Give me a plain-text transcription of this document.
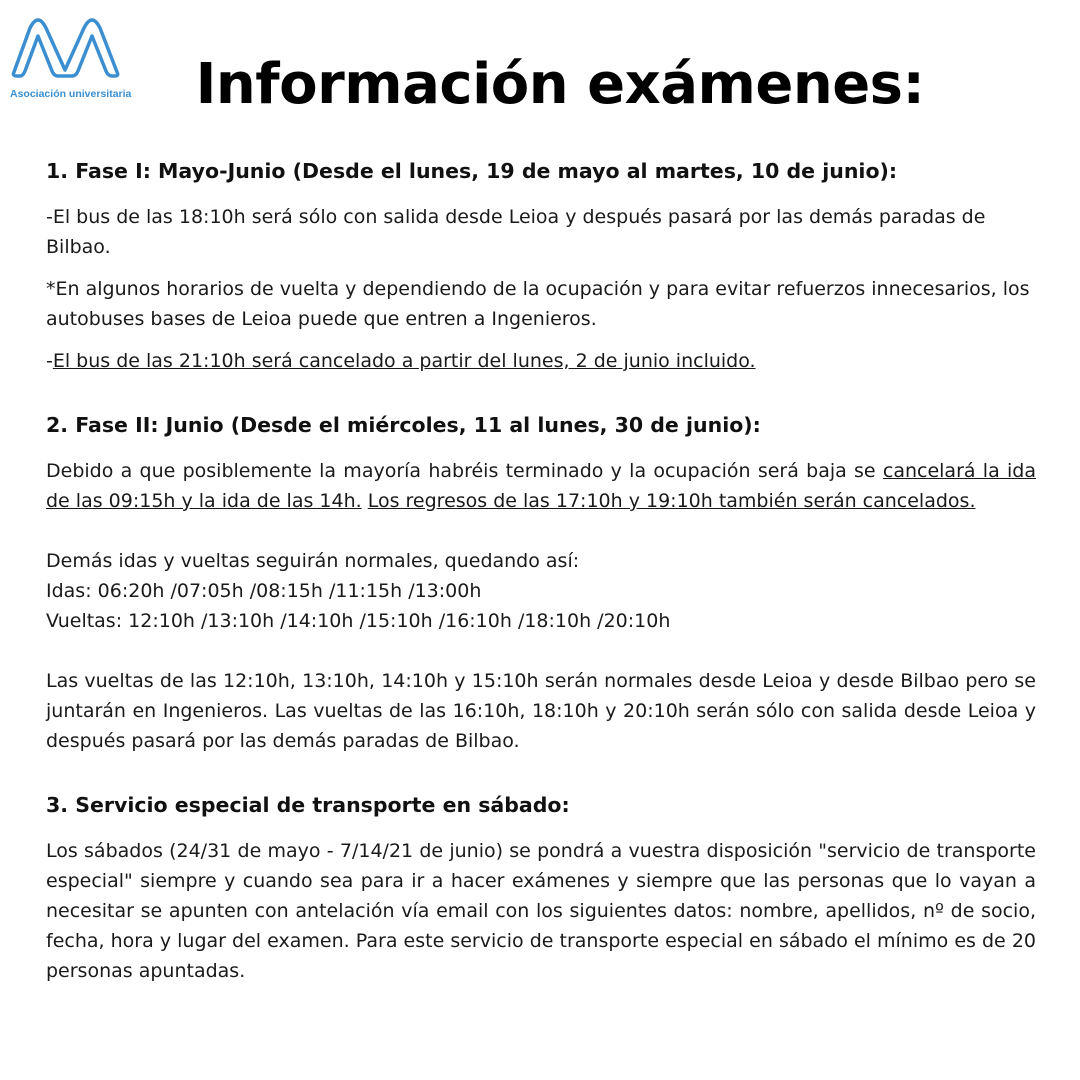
Asociación universitaria	Información exámenes:
1. Fase I: Mayo-Junio (Desde el lunes, 19 de mayo al martes, 10 de junio):

-El bus de las 18:10h será sólo con salida desde Leioa y después pasará por las demás paradas de Bilbao.

*En algunos horarios de vuelta y dependiendo de la ocupación y para evitar refuerzos innecesarios, los autobuses bases de Leioa puede que entren a Ingenieros.

-El bus de las 21:10h será cancelado a partir del lunes, 2 de junio incluido.

2. Fase II: Junio (Desde el miércoles, 11 al lunes, 30 de junio):

Debido a que posiblemente la mayoría habréis terminado y la ocupación será baja se cancelará la ida de las 09:15h y la ida de las 14h. Los regresos de las 17:10h y 19:10h también serán cancelados.

Demás idas y vueltas seguirán normales, quedando así:

Idas: 06:20h /07:05h /08:15h /11:15h /13:00h

Vueltas: 12:10h /13:10h /14:10h /15:10h /16:10h /18:10h /20:10h

Las vueltas de las 12:10h, 13:10h, 14:10h y 15:10h serán normales desde Leioa y desde Bilbao pero se juntarán en Ingenieros. Las vueltas de las 16:10h, 18:10h y 20:10h serán sólo con salida desde Leioa y después pasará por las demás paradas de Bilbao.

3. Servicio especial de transporte en sábado:

Los sábados (24/31 de mayo - 7/14/21 de junio) se pondrá a vuestra disposición "servicio de transporte especial" siempre y cuando sea para ir a hacer exámenes y siempre que las personas que lo vayan a necesitar se apunten con antelación vía email con los siguientes datos: nombre, apellidos, nº de socio, fecha, hora y lugar del examen. Para este servicio de transporte especial en sábado el mínimo es de 20 personas apuntadas.
